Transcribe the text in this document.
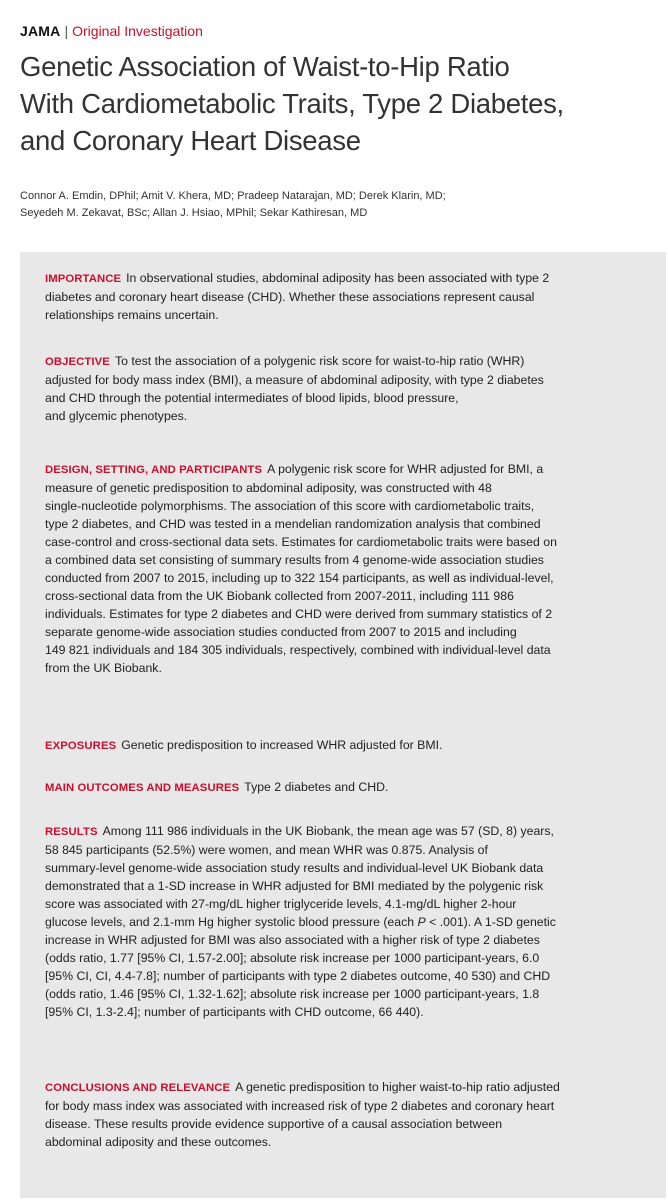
JAMA | Original Investigation
Genetic Association of Waist-to-Hip Ratio
With Cardiometabolic Traits, Type 2 Diabetes,
and Coronary Heart Disease
Connor A. Emdin, DPhil; Amit V. Khera, MD; Pradeep Natarajan, MD; Derek Klarin, MD;
Seyedeh M. Zekavat, BSc; Allan J. Hsiao, MPhil; Sekar Kathiresan, MD

IMPORTANCE In observational studies, abdominal adiposity has been associated with type 2
diabetes and coronary heart disease (CHD). Whether these associations represent causal
relationships remains uncertain.

OBJECTIVE To test the association of a polygenic risk score for waist-to-hip ratio (WHR)
adjusted for body mass index (BMI), a measure of abdominal adiposity, with type 2 diabetes
and CHD through the potential intermediates of blood lipids, blood pressure,
and glycemic phenotypes.

DESIGN, SETTING, AND PARTICIPANTS A polygenic risk score for WHR adjusted for BMI, a
measure of genetic predisposition to abdominal adiposity, was constructed with 48
single-nucleotide polymorphisms. The association of this score with cardiometabolic traits,
type 2 diabetes, and CHD was tested in a mendelian randomization analysis that combined
case-control and cross-sectional data sets. Estimates for cardiometabolic traits were based on
a combined data set consisting of summary results from 4 genome-wide association studies
conducted from 2007 to 2015, including up to 322 154 participants, as well as individual-level,
cross-sectional data from the UK Biobank collected from 2007-2011, including 111 986
individuals. Estimates for type 2 diabetes and CHD were derived from summary statistics of 2
separate genome-wide association studies conducted from 2007 to 2015 and including
149 821 individuals and 184 305 individuals, respectively, combined with individual-level data
from the UK Biobank.

EXPOSURES Genetic predisposition to increased WHR adjusted for BMI.

MAIN OUTCOMES AND MEASURES Type 2 diabetes and CHD.

RESULTS Among 111 986 individuals in the UK Biobank, the mean age was 57 (SD, 8) years,
58 845 participants (52.5%) were women, and mean WHR was 0.875. Analysis of
summary-level genome-wide association study results and individual-level UK Biobank data
demonstrated that a 1-SD increase in WHR adjusted for BMI mediated by the polygenic risk
score was associated with 27-mg/dL higher triglyceride levels, 4.1-mg/dL higher 2-hour
glucose levels, and 2.1-mm Hg higher systolic blood pressure (each P < .001). A 1-SD genetic
increase in WHR adjusted for BMI was also associated with a higher risk of type 2 diabetes
(odds ratio, 1.77 [95% CI, 1.57-2.00]; absolute risk increase per 1000 participant-years, 6.0
[95% CI, CI, 4.4-7.8]; number of participants with type 2 diabetes outcome, 40 530) and CHD
(odds ratio, 1.46 [95% CI, 1.32-1.62]; absolute risk increase per 1000 participant-years, 1.8
[95% CI, 1.3-2.4]; number of participants with CHD outcome, 66 440).

CONCLUSIONS AND RELEVANCE A genetic predisposition to higher waist-to-hip ratio adjusted
for body mass index was associated with increased risk of type 2 diabetes and coronary heart
disease. These results provide evidence supportive of a causal association between
abdominal adiposity and these outcomes.
